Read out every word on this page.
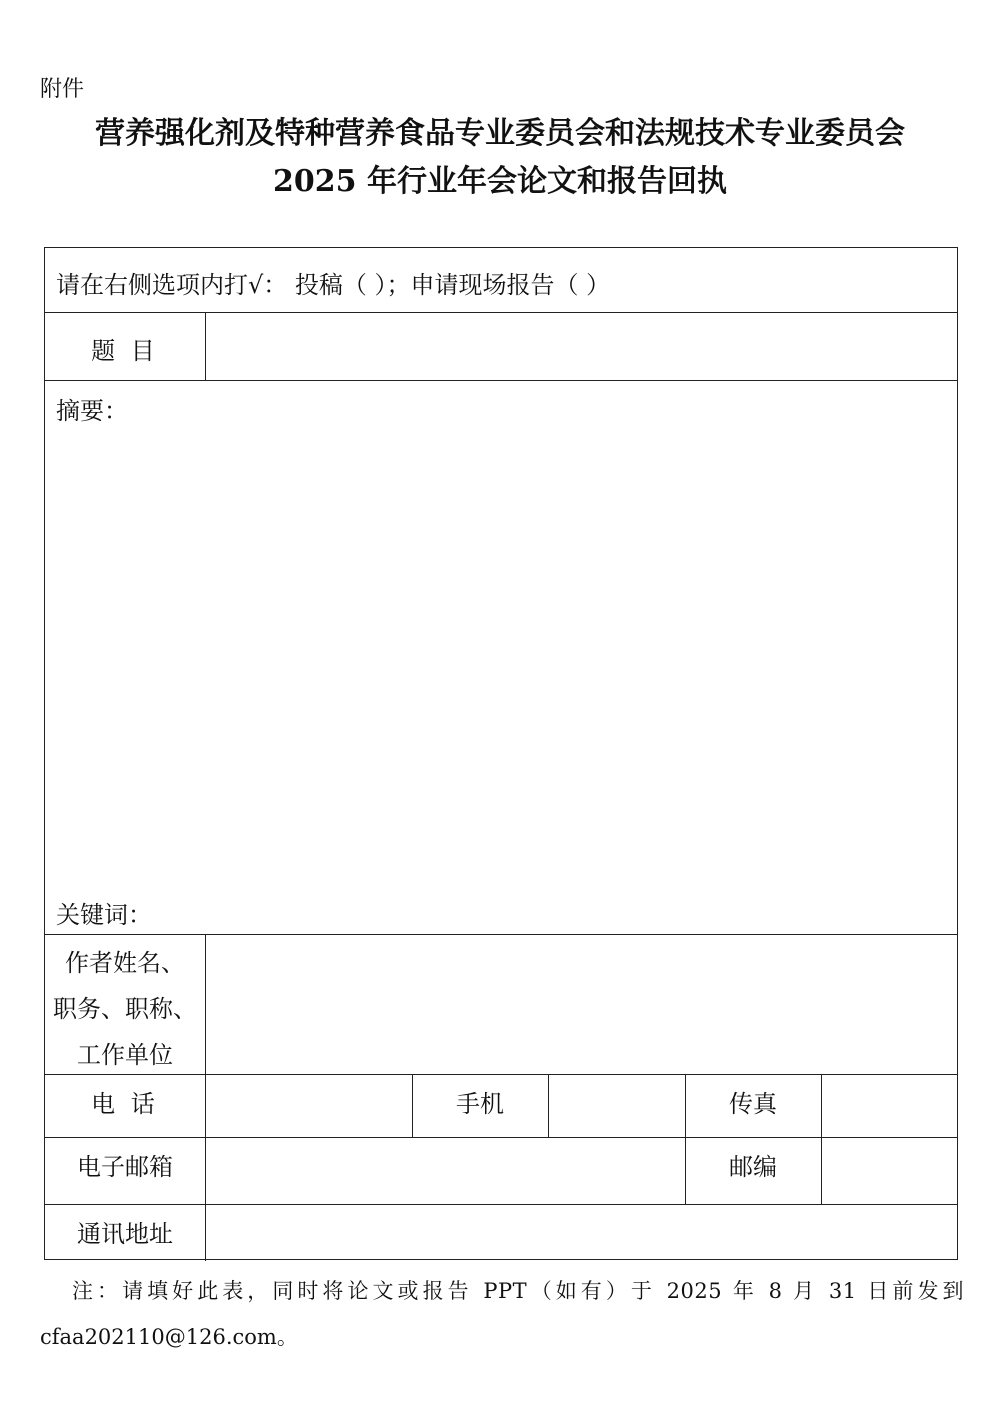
附件
营养强化剂及特种营养食品专业委员会和法规技术专业委员会
2025 年行业年会论文和报告回执
请在右侧选项内打√： 投稿（ ）；申请现场报告（ ）
题 目
摘要：
关键词：
作者姓名、
职务、职称、
工作单位
电 话	手机	传真
电子邮箱	邮编
通讯地址
注：请填好此表，同时将论文或报告 PPT（如有）于 2025 年 8 月 31 日前发到
cfaa202110@126.com。
